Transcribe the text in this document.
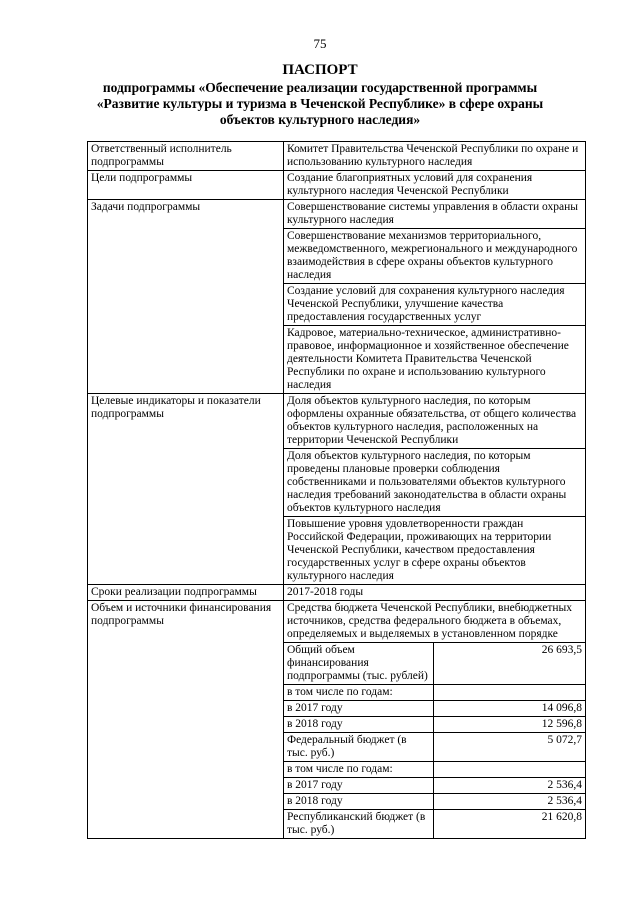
75
ПАСПОРТ
подпрограммы «Обеспечение реализации государственной программы
«Развитие культуры и туризма в Чеченской Республике» в сфере охраны
объектов культурного наследия»
Ответственный исполнитель подпрограммы	Комитет Правительства Чеченской Республики по охране и использованию культурного наследия	
Цели подпрограммы	Создание благоприятных условий для сохранения культурного наследия Чеченской Республики	
Задачи подпрограммы	Совершенствование системы управления в области охраны культурного наследия	
	Совершенствование механизмов территориального, межведомственного, межрегионального и международного взаимодействия в сфере охраны объектов культурного наследия	
	Создание условий для сохранения культурного наследия Чеченской Республики, улучшение качества предоставления государственных услуг	
	Кадровое, материально-техническое, административно-правовое, информационное и хозяйственное обеспечение деятельности Комитета Правительства Чеченской Республики по охране и использованию культурного наследия	
Целевые индикаторы и показатели подпрограммы	Доля объектов культурного наследия, по которым оформлены охранные обязательства, от общего количества объектов культурного наследия, расположенных на территории Чеченской Республики	
	Доля объектов культурного наследия, по которым проведены плановые проверки соблюдения собственниками и пользователями объектов культурного наследия требований законодательства в области охраны объектов культурного наследия	
	Повышение уровня удовлетворенности граждан Российской Федерации, проживающих на территории Чеченской Республики, качеством предоставления государственных услуг в сфере охраны объектов культурного наследия	
Сроки реализации подпрограммы	2017-2018 годы	
Объем и источники финансирования подпрограммы	Средства бюджета Чеченской Республики, внебюджетных источников, средства федерального бюджета в объемах, определяемых и выделяемых в установленном порядке	
	Общий объем финансирования подпрограммы (тыс. рублей)	26 693,5
	в том числе по годам:	
	в 2017 году	14 096,8
	в 2018 году	12 596,8
	Федеральный бюджет (в тыс. руб.)	5 072,7
	в том числе по годам:	
	в 2017 году	2 536,4
	в 2018 году	2 536,4
	Республиканский бюджет (в тыс. руб.)	21 620,8
